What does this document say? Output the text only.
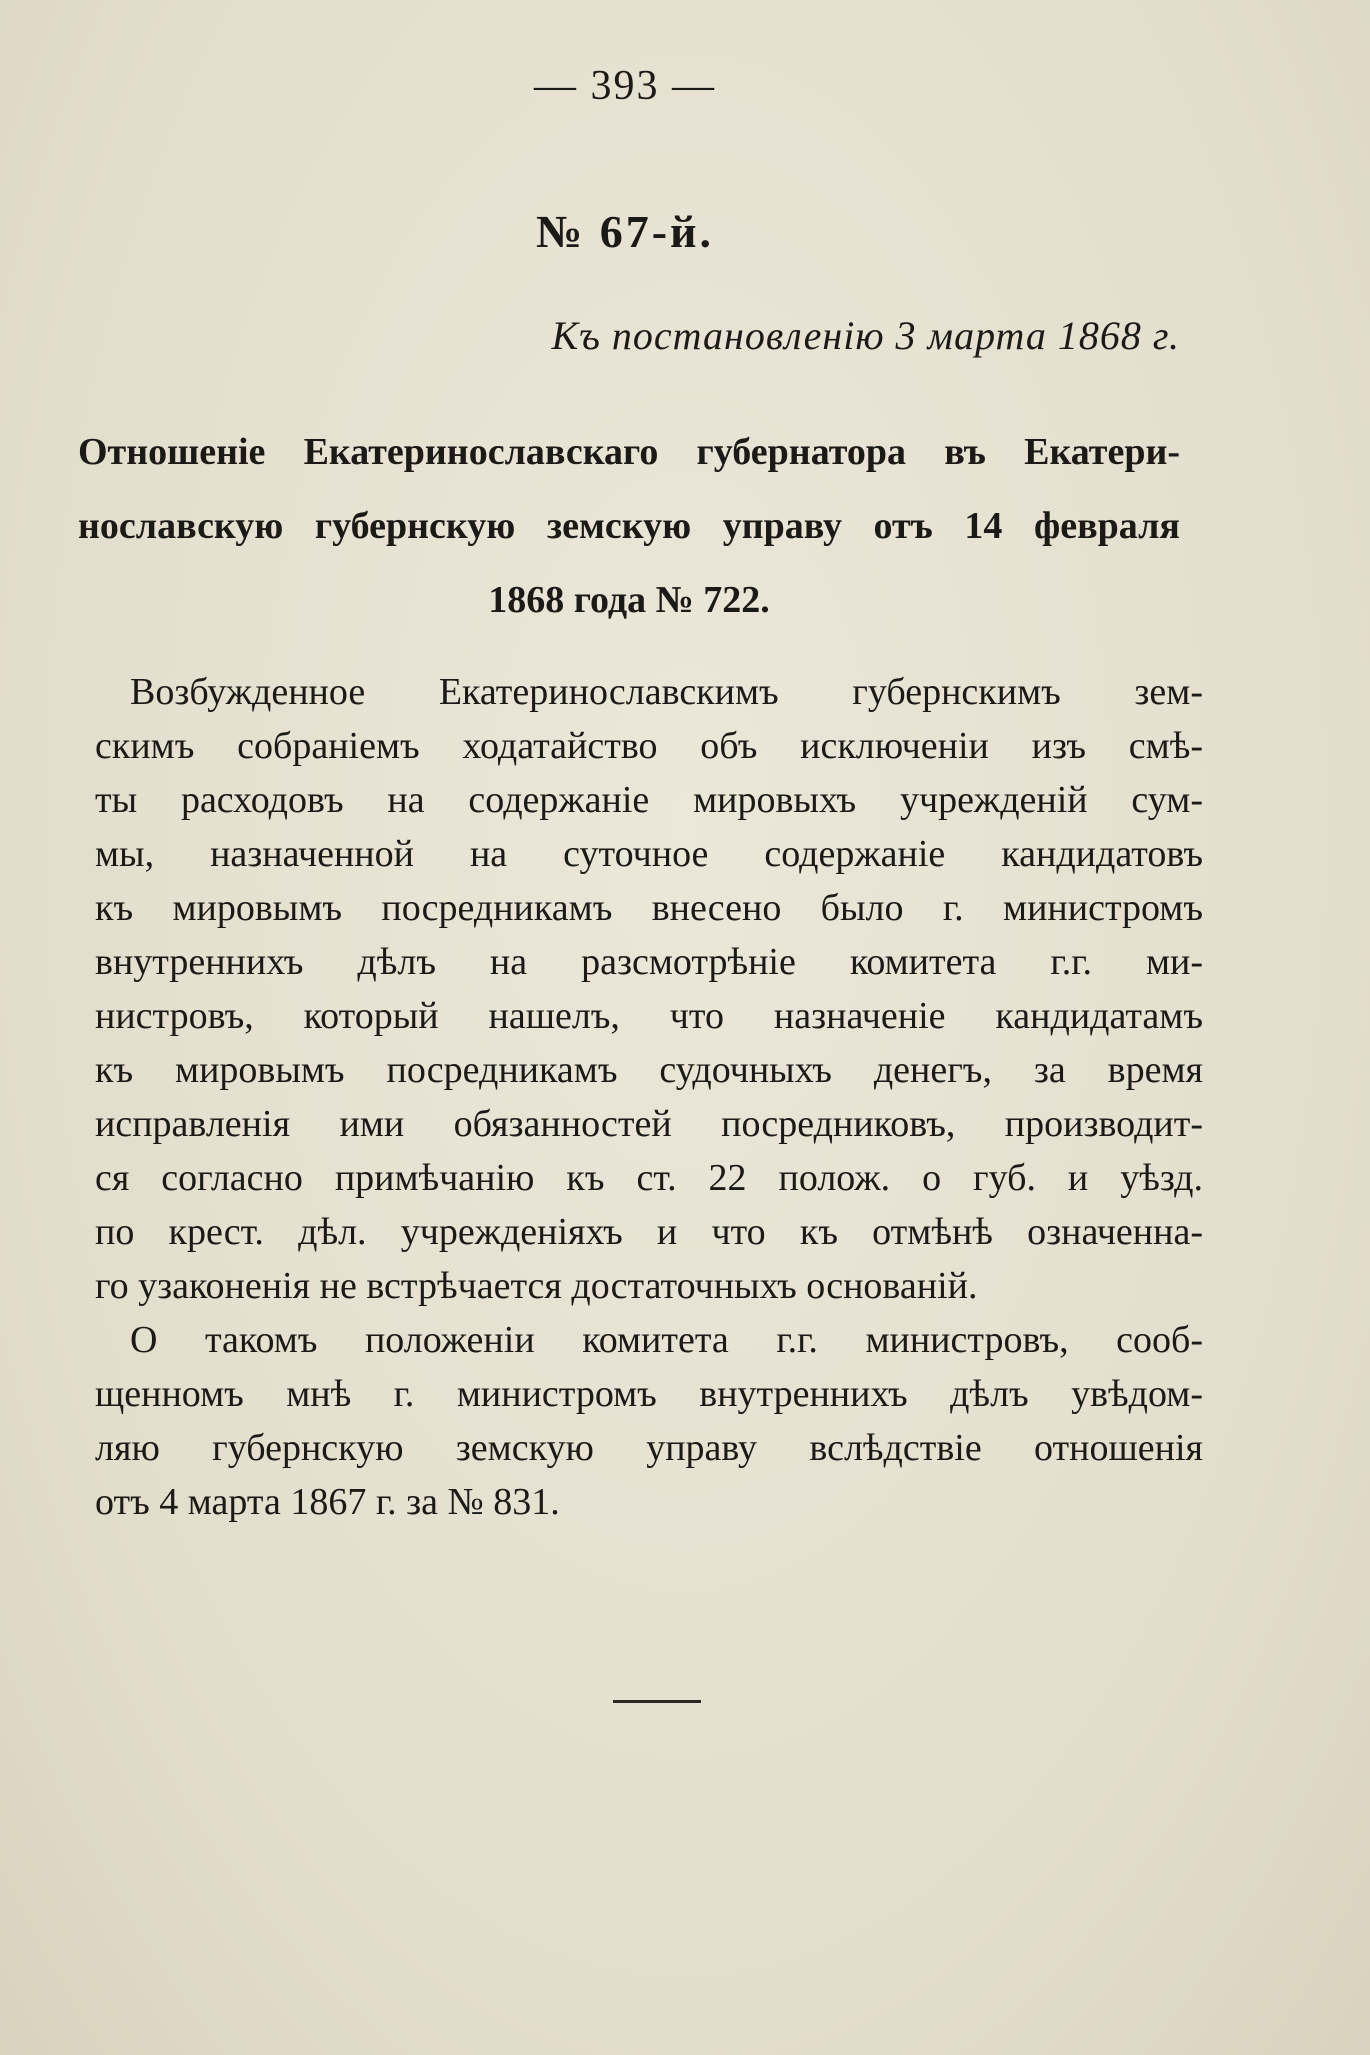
— 393 —
№ 67-й.
Къ постановленію 3 марта 1868 г.
Отношеніе Екатеринославскаго губернатора въ Екатери-
нославскую губернскую земскую управу отъ 14 февраля
1868 года № 722.
Возбужденное Екатеринославскимъ губернскимъ зем-
скимъ собраніемъ ходатайство объ исключеніи изъ смѣ-
ты расходовъ на содержаніе мировыхъ учрежденій сум-
мы, назначенной на суточное содержаніе кандидатовъ
къ мировымъ посредникамъ внесено было г. министромъ
внутреннихъ дѣлъ на разсмотрѣніе комитета г.г. ми-
нистровъ, который нашелъ, что назначеніе кандидатамъ
къ мировымъ посредникамъ судочныхъ денегъ, за время
исправленія ими обязанностей посредниковъ, производит-
ся согласно примѣчанію къ ст. 22 полож. о губ. и уѣзд.
по крест. дѣл. учрежденіяхъ и что къ отмѣнѣ означенна-
го узаконенія не встрѣчается достаточныхъ основаній.
О такомъ положеніи комитета г.г. министровъ, сооб-
щенномъ мнѣ г. министромъ внутреннихъ дѣлъ увѣдом-
ляю губернскую земскую управу вслѣдствіе отношенія
отъ 4 марта 1867 г. за № 831.
